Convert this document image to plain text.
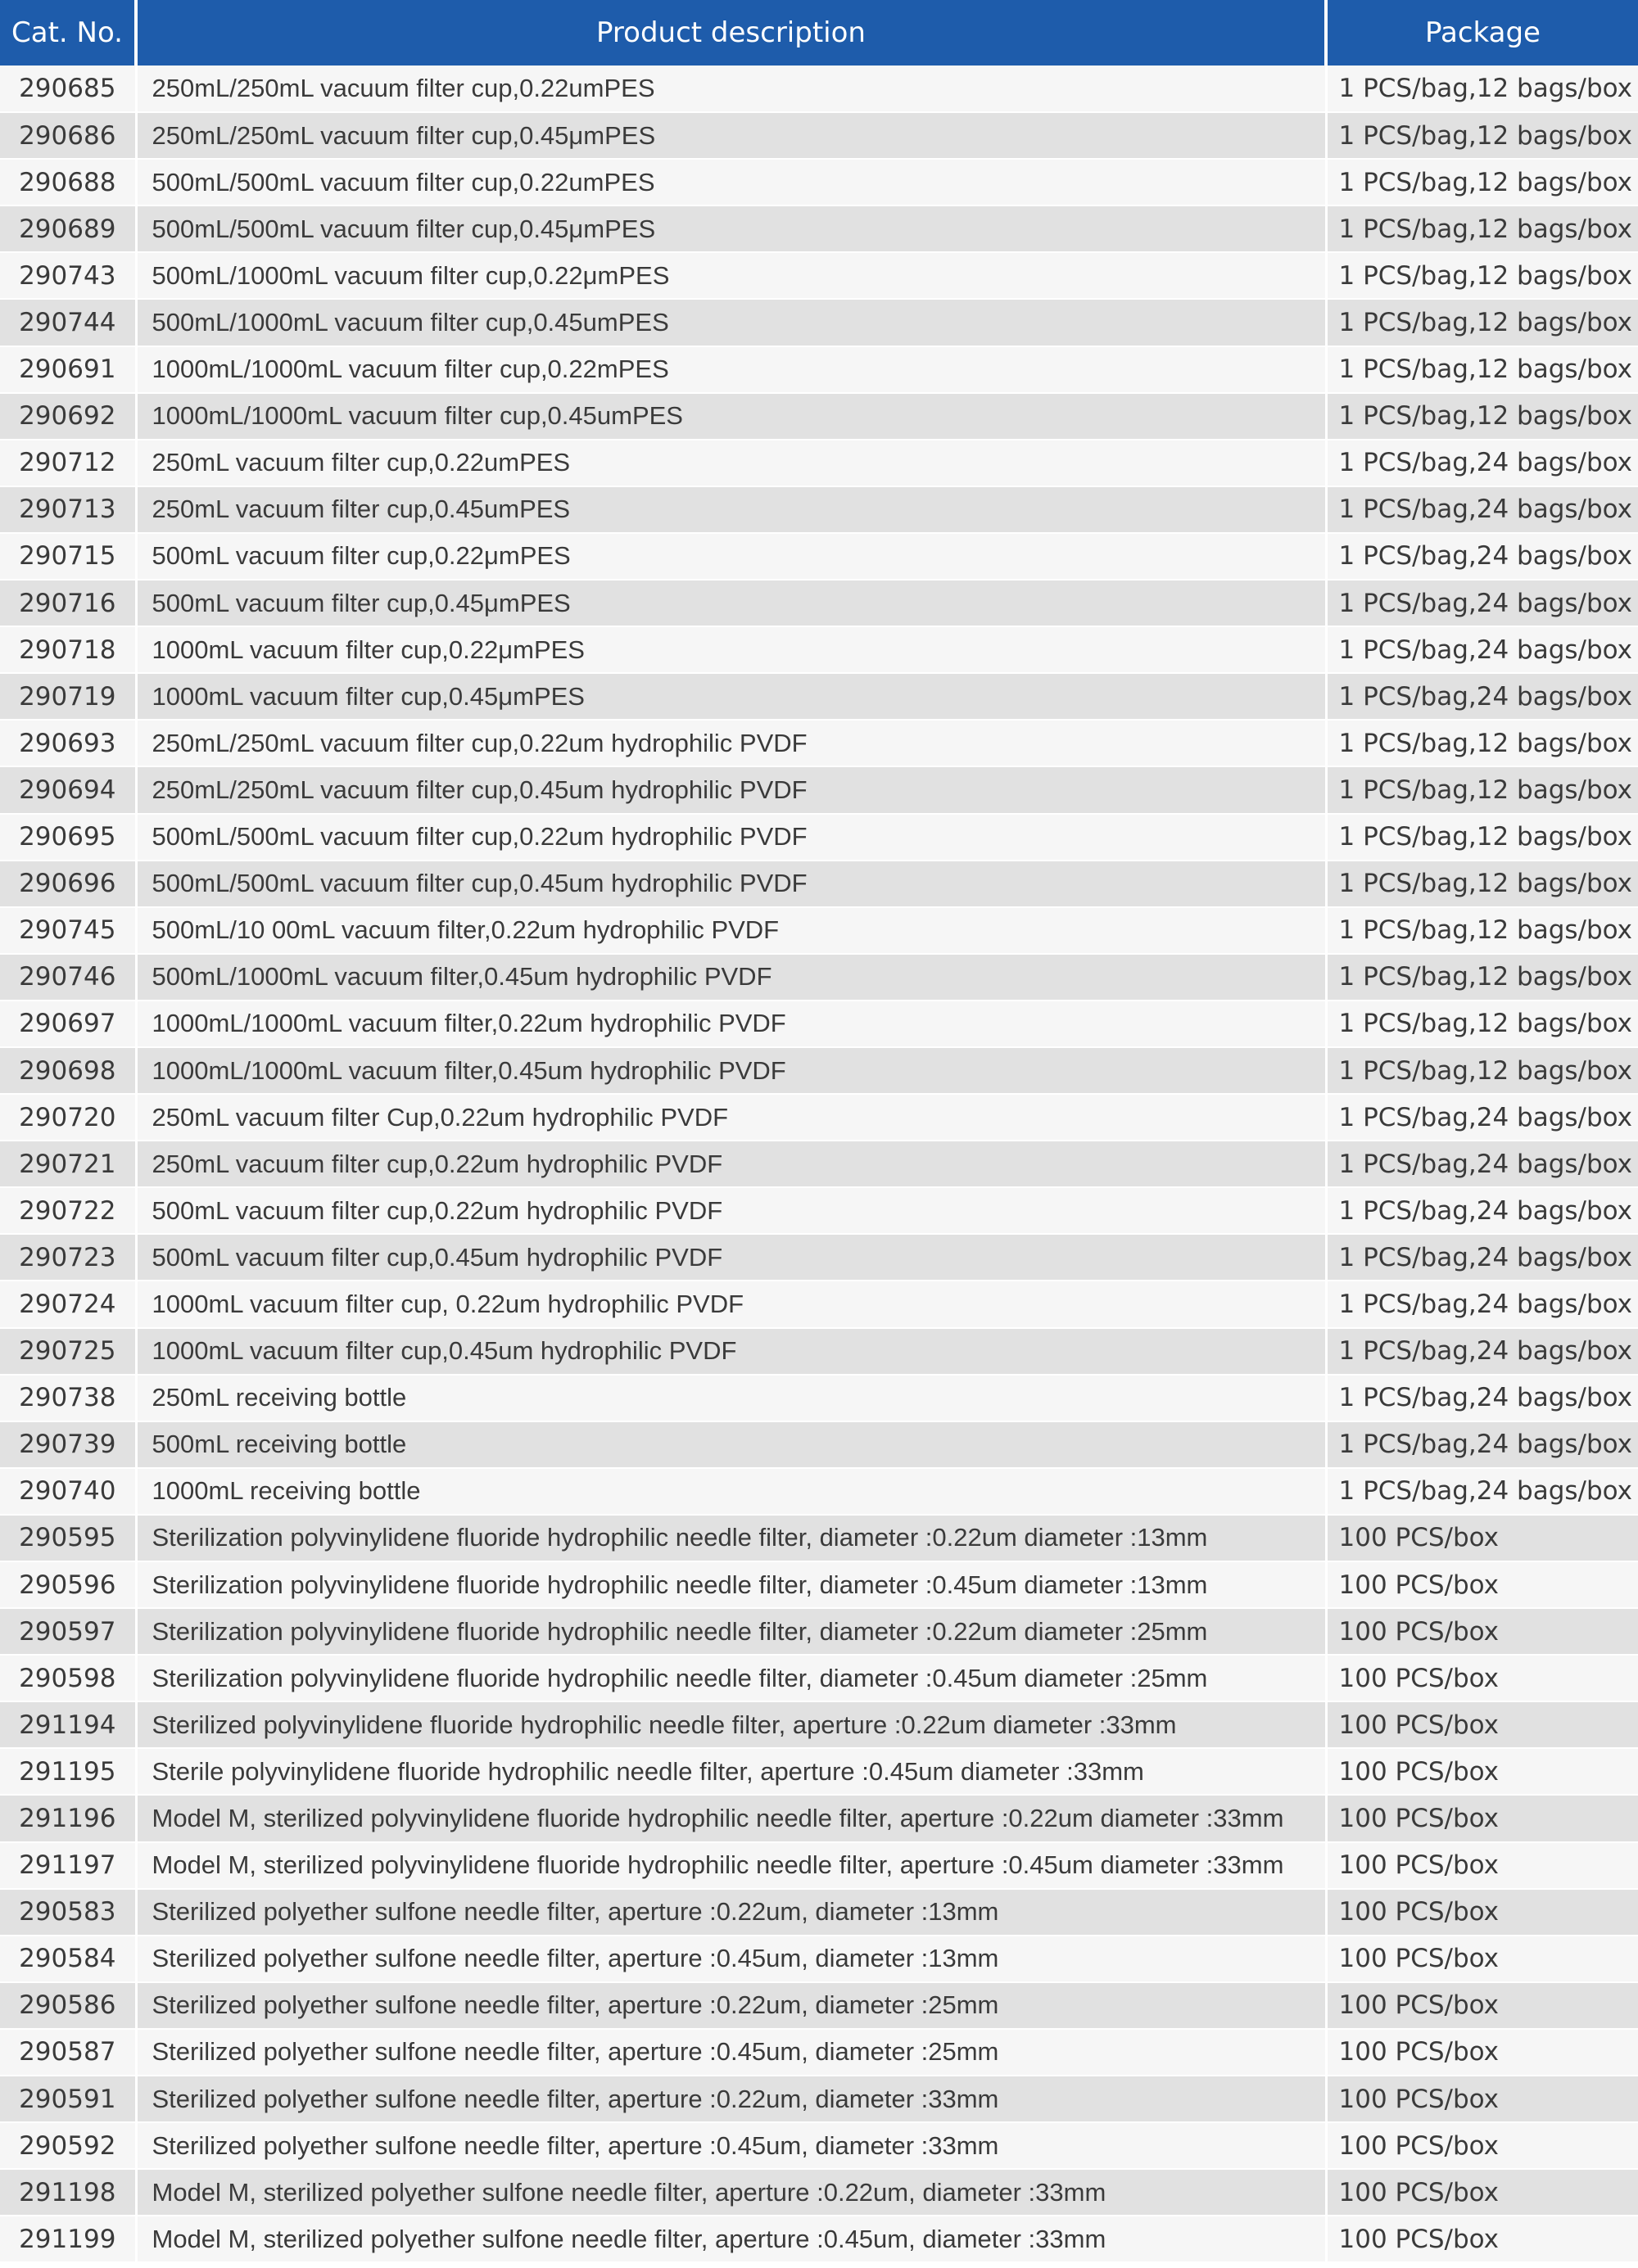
Cat. No.	Product description	Package
290685	250mL/250mL vacuum filter cup,0.22umPES	1 PCS/bag,12 bags/box
290686	250mL/250mL vacuum filter cup,0.45μmPES	1 PCS/bag,12 bags/box
290688	500mL/500mL vacuum filter cup,0.22umPES	1 PCS/bag,12 bags/box
290689	500mL/500mL vacuum filter cup,0.45μmPES	1 PCS/bag,12 bags/box
290743	500mL/1000mL vacuum filter cup,0.22μmPES	1 PCS/bag,12 bags/box
290744	500mL/1000mL vacuum filter cup,0.45umPES	1 PCS/bag,12 bags/box
290691	1000mL/1000mL vacuum filter cup,0.22mPES	1 PCS/bag,12 bags/box
290692	1000mL/1000mL vacuum filter cup,0.45umPES	1 PCS/bag,12 bags/box
290712	250mL vacuum filter cup,0.22umPES	1 PCS/bag,24 bags/box
290713	250mL vacuum filter cup,0.45umPES	1 PCS/bag,24 bags/box
290715	500mL vacuum filter cup,0.22μmPES	1 PCS/bag,24 bags/box
290716	500mL vacuum filter cup,0.45μmPES	1 PCS/bag,24 bags/box
290718	1000mL vacuum filter cup,0.22μmPES	1 PCS/bag,24 bags/box
290719	1000mL vacuum filter cup,0.45μmPES	1 PCS/bag,24 bags/box
290693	250mL/250mL vacuum filter cup,0.22um hydrophilic PVDF	1 PCS/bag,12 bags/box
290694	250mL/250mL vacuum filter cup,0.45um hydrophilic PVDF	1 PCS/bag,12 bags/box
290695	500mL/500mL vacuum filter cup,0.22um hydrophilic PVDF	1 PCS/bag,12 bags/box
290696	500mL/500mL vacuum filter cup,0.45um hydrophilic PVDF	1 PCS/bag,12 bags/box
290745	500mL/10 00mL vacuum filter,0.22um hydrophilic PVDF	1 PCS/bag,12 bags/box
290746	500mL/1000mL vacuum filter,0.45um hydrophilic PVDF	1 PCS/bag,12 bags/box
290697	1000mL/1000mL vacuum filter,0.22um hydrophilic PVDF	1 PCS/bag,12 bags/box
290698	1000mL/1000mL vacuum filter,0.45um hydrophilic PVDF	1 PCS/bag,12 bags/box
290720	250mL vacuum filter Cup,0.22um hydrophilic PVDF	1 PCS/bag,24 bags/box
290721	250mL vacuum filter cup,0.22um hydrophilic PVDF	1 PCS/bag,24 bags/box
290722	500mL vacuum filter cup,0.22um hydrophilic PVDF	1 PCS/bag,24 bags/box
290723	500mL vacuum filter cup,0.45um hydrophilic PVDF	1 PCS/bag,24 bags/box
290724	1000mL vacuum filter cup, 0.22um hydrophilic PVDF	1 PCS/bag,24 bags/box
290725	1000mL vacuum filter cup,0.45um hydrophilic PVDF	1 PCS/bag,24 bags/box
290738	250mL receiving bottle	1 PCS/bag,24 bags/box
290739	500mL receiving bottle	1 PCS/bag,24 bags/box
290740	1000mL receiving bottle	1 PCS/bag,24 bags/box
290595	Sterilization polyvinylidene fluoride hydrophilic needle filter, diameter :0.22um diameter :13mm	100 PCS/box
290596	Sterilization polyvinylidene fluoride hydrophilic needle filter, diameter :0.45um diameter :13mm	100 PCS/box
290597	Sterilization polyvinylidene fluoride hydrophilic needle filter, diameter :0.22um diameter :25mm	100 PCS/box
290598	Sterilization polyvinylidene fluoride hydrophilic needle filter, diameter :0.45um diameter :25mm	100 PCS/box
291194	Sterilized polyvinylidene fluoride hydrophilic needle filter, aperture :0.22um diameter :33mm	100 PCS/box
291195	Sterile polyvinylidene fluoride hydrophilic needle filter, aperture :0.45um diameter :33mm	100 PCS/box
291196	Model M, sterilized polyvinylidene fluoride hydrophilic needle filter, aperture :0.22um diameter :33mm	100 PCS/box
291197	Model M, sterilized polyvinylidene fluoride hydrophilic needle filter, aperture :0.45um diameter :33mm	100 PCS/box
290583	Sterilized polyether sulfone needle filter, aperture :0.22um, diameter :13mm	100 PCS/box
290584	Sterilized polyether sulfone needle filter, aperture :0.45um, diameter :13mm	100 PCS/box
290586	Sterilized polyether sulfone needle filter, aperture :0.22um, diameter :25mm	100 PCS/box
290587	Sterilized polyether sulfone needle filter, aperture :0.45um, diameter :25mm	100 PCS/box
290591	Sterilized polyether sulfone needle filter, aperture :0.22um, diameter :33mm	100 PCS/box
290592	Sterilized polyether sulfone needle filter, aperture :0.45um, diameter :33mm	100 PCS/box
291198	Model M, sterilized polyether sulfone needle filter, aperture :0.22um, diameter :33mm	100 PCS/box
291199	Model M, sterilized polyether sulfone needle filter, aperture :0.45um, diameter :33mm	100 PCS/box
